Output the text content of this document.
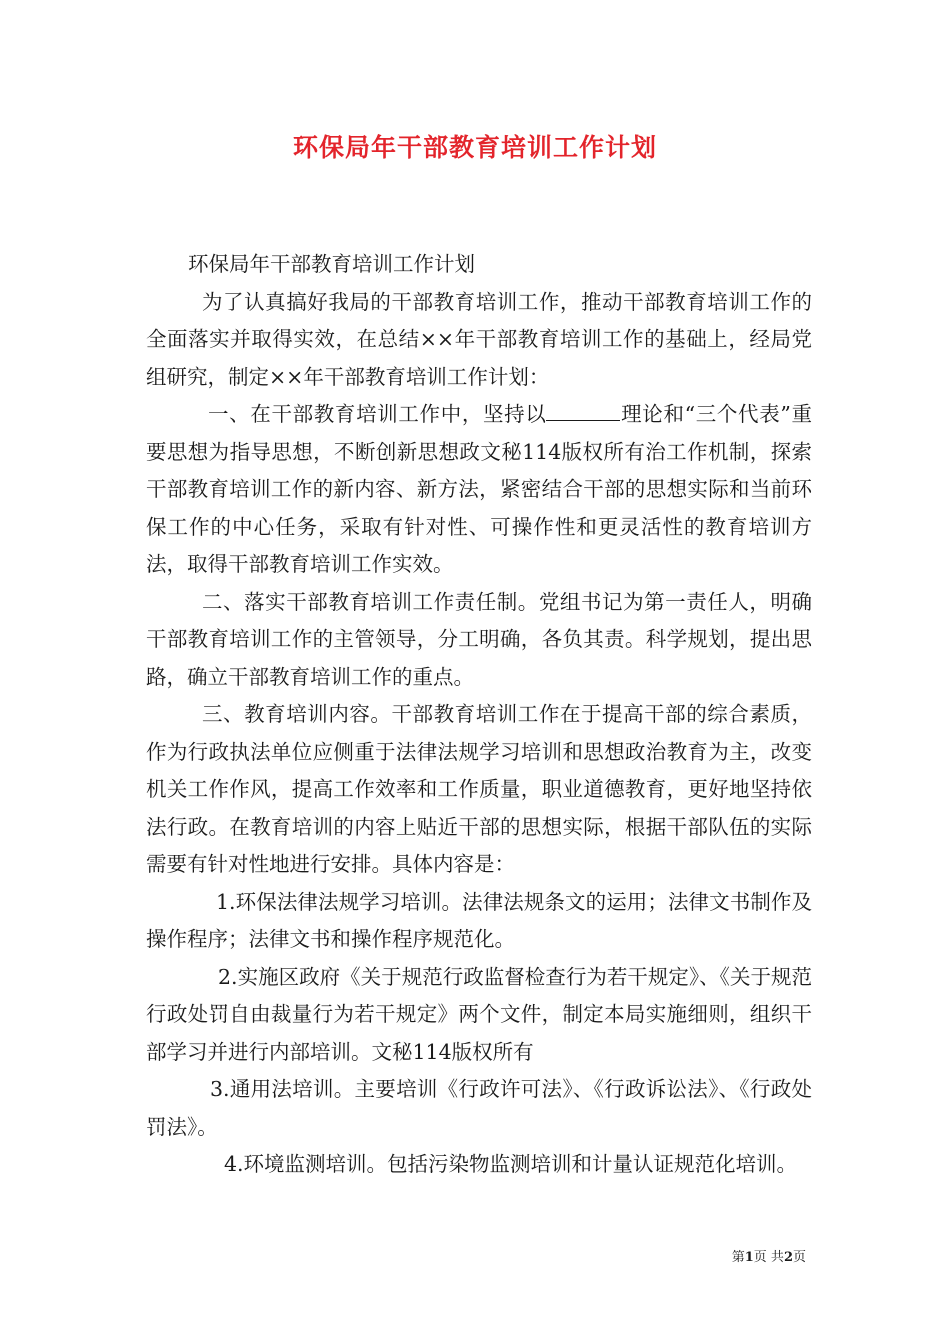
环保局年干部教育培训工作计划

环保局年干部教育培训工作计划

为了认真搞好我局的干部教育培训工作，推动干部教育培训工作的全面落实并取得实效，在总结××年干部教育培训工作的基础上，经局党组研究，制定××年干部教育培训工作计划：

一、在干部教育培训工作中，坚持以	理论和“三个代表”重要思想为指导思想，不断创新思想政文秘114版权所有治工作机制，探索干部教育培训工作的新内容、新方法，紧密结合干部的思想实际和当前环保工作的中心任务，采取有针对性、可操作性和更灵活性的教育培训方法，取得干部教育培训工作实效。

二、落实干部教育培训工作责任制。党组书记为第一责任人，明确干部教育培训工作的主管领导，分工明确，各负其责。科学规划，提出思路，确立干部教育培训工作的重点。

三、教育培训内容。干部教育培训工作在于提高干部的综合素质，作为行政执法单位应侧重于法律法规学习培训和思想政治教育为主，改变机关工作作风，提高工作效率和工作质量，职业道德教育，更好地坚持依法行政。在教育培训的内容上贴近干部的思想实际，根据干部队伍的实际需要有针对性地进行安排。具体内容是：

1.环保法律法规学习培训。法律法规条文的运用；法律文书制作及操作程序；法律文书和操作程序规范化。

2.实施区政府《关于规范行政监督检查行为若干规定》、《关于规范行政处罚自由裁量行为若干规定》两个文件，制定本局实施细则，组织干部学习并进行内部培训。文秘114版权所有

3.通用法培训。主要培训《行政许可法》、《行政诉讼法》、《行政处罚法》。

4.环境监测培训。包括污染物监测培训和计量认证规范化培训。

第1页 共2页
